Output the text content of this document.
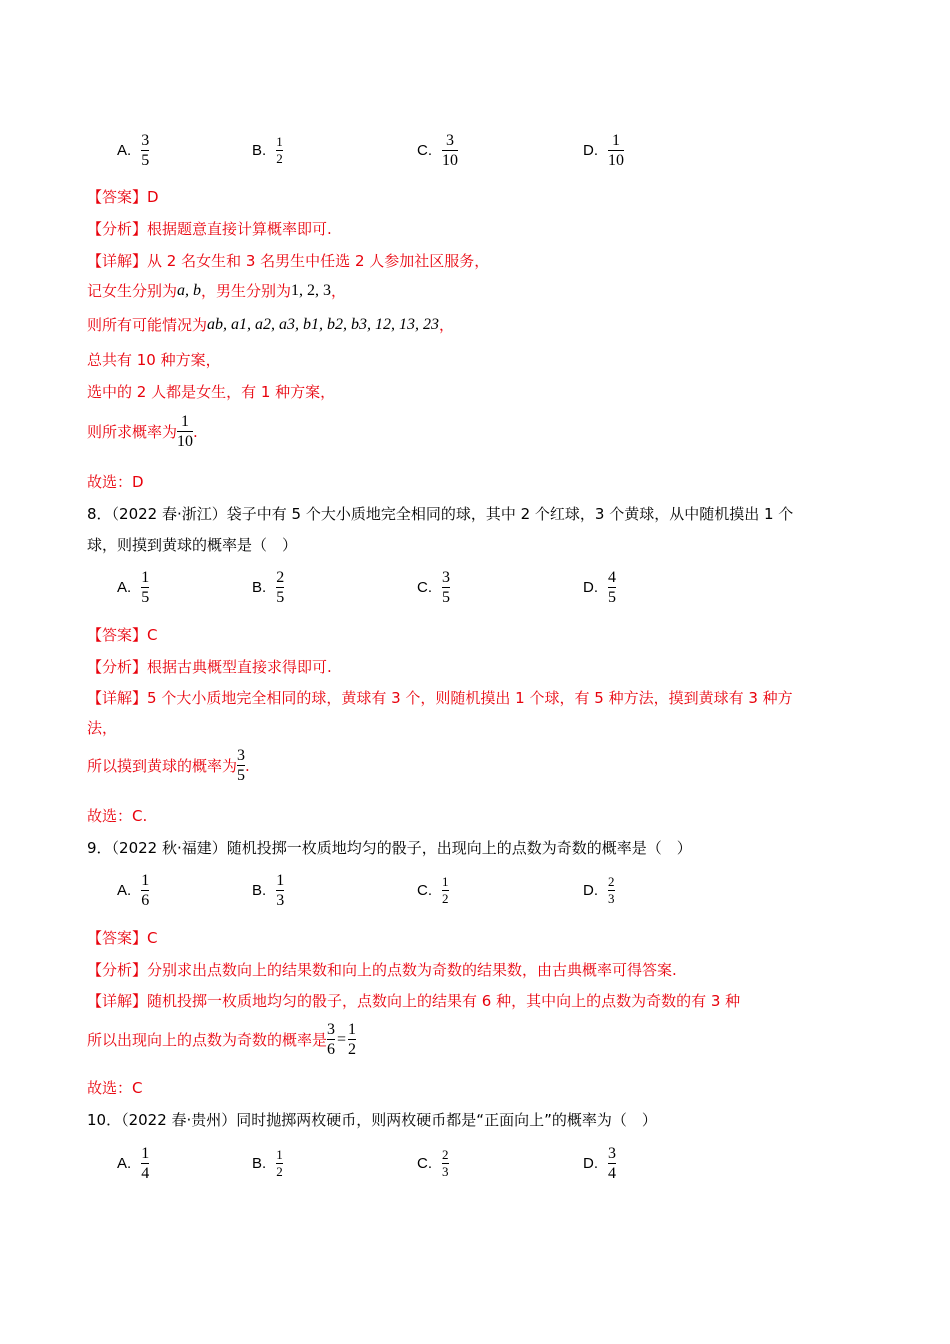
A. $\frac{3}{5}$	B. $\frac{1}{2}$	C. $\frac{3}{10}$	D. $\frac{1}{10}$
【答案】D
【分析】根据题意直接计算概率即可.
【详解】从 2 名女生和 3 名男生中任选 2 人参加社区服务，
记女生分别为 a, b ，男生分别为 1, 2, 3 ，
则所有可能情况为 ab, a1, a2, a3, b1, b2, b3, 12, 13, 23 ，
总共有 10 种方案，
选中的 2 人都是女生，有 1 种方案，
则所求概率为 $\frac{1}{10}$ .
故选：D
8．（2022 春·浙江）袋子中有 5 个大小质地完全相同的球，其中 2 个红球，3 个黄球，从中随机摸出 1 个
球，则摸到黄球的概率是（　）
A. $\frac{1}{5}$	B. $\frac{2}{5}$	C. $\frac{3}{5}$	D. $\frac{4}{5}$
【答案】C
【分析】根据古典概型直接求得即可.
【详解】5 个大小质地完全相同的球，黄球有 3 个，则随机摸出 1 个球，有 5 种方法，摸到黄球有 3 种方
法，
所以摸到黄球的概率为 $\frac{3}{5}$ .
故选：C.
9．（2022 秋·福建）随机投掷一枚质地均匀的骰子，出现向上的点数为奇数的概率是（　）
A. $\frac{1}{6}$	B. $\frac{1}{3}$	C. $\frac{1}{2}$	D. $\frac{2}{3}$
【答案】C
【分析】分别求出点数向上的结果数和向上的点数为奇数的结果数，由古典概率可得答案.
【详解】随机投掷一枚质地均匀的骰子，点数向上的结果有 6 种，其中向上的点数为奇数的有 3 种
所以出现向上的点数为奇数的概率是 $\frac{3}{6} = \frac{1}{2}$
故选：C
10．（2022 春·贵州）同时抛掷两枚硬币，则两枚硬币都是“正面向上”的概率为（　）
A. $\frac{1}{4}$	B. $\frac{1}{2}$	C. $\frac{2}{3}$	D. $\frac{3}{4}$
